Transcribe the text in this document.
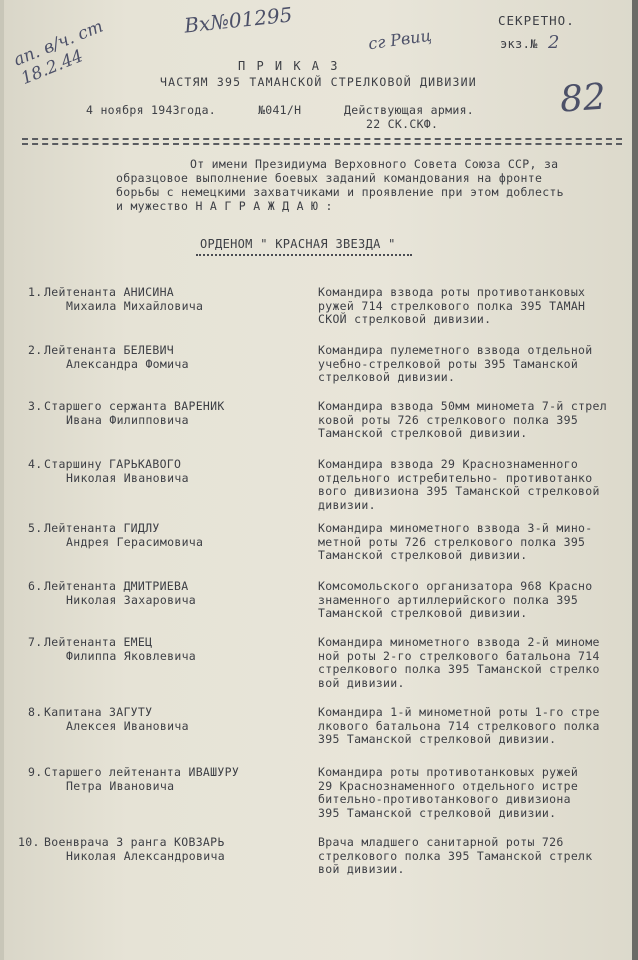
ап. в/ч. ст 18.2.44
Вх№01295
сг Рвиц
82
СЕКРЕТНО.
экз.№ 2
П Р И К А З
ЧАСТЯМ 395 ТАМАНСКОЙ СТРЕЛКОВОЙ ДИВИЗИИ
4 ноября 1943года.	№041/Н	Действующая армия.
22 СК.СКФ.
От имени Президиума Верховного Совета Союза ССР, за
образцовое выполнение боевых заданий командования на фронте
борьбы с немецкими захватчиками и проявление при этом доблесть
и мужество Н А Г Р А Ж Д А Ю :
ОРДЕНОМ " КРАСНАЯ ЗВЕЗДА "
1. Лейтенанта АНИСИНА
Михаила Михайловича
Командира взвода роты противотанковых
ружей 714 стрелкового полка 395 ТАМАН
СКОЙ стрелковой дивизии.
2. Лейтенанта БЕЛЕВИЧ
Александра Фомича
Командира пулеметного взвода отдельной
учебно-стрелковой роты 395 Таманской
стрелковой дивизии.
3. Старшего сержанта ВАРЕНИК
Ивана Филипповича
Командира взвода 50мм миномета 7-й стрел
ковой роты 726 стрелкового полка 395
Таманской стрелковой дивизии.
4. Старшину ГАРЬКАВОГО
Николая Ивановича
Командира взвода 29 Краснознаменного
отдельного истребительно- противотанко
вого дивизиона 395 Таманской стрелковой
дивизии.
5. Лейтенанта ГИДЛУ
Андрея Герасимовича
Командира минометного взвода 3-й мино-
метной роты 726 стрелкового полка 395
Таманской стрелковой дивизии.
6. Лейтенанта ДМИТРИЕВА
Николая Захаровича
Комсомольского организатора 968 Красно
знаменного артиллерийского полка 395
Таманской стрелковой дивизии.
7. Лейтенанта ЕМЕЦ
Филиппа Яковлевича
Командира минометного взвода 2-й миноме
ной роты 2-го стрелкового батальона 714
стрелкового полка 395 Таманской стрелко
вой дивизии.
8. Капитана ЗАГУТУ
Алексея Ивановича
Командира 1-й минометной роты 1-го стре
лкового батальона 714 стрелкового полка
395 Таманской стрелковой дивизии.
9. Старшего лейтенанта ИВАШУРУ
Петра Ивановича
Командира роты противотанковых ружей
29 Краснознаменного отдельного истре
бительно-противотанкового дивизиона
395 Таманской стрелковой дивизии.
10. Военврача 3 ранга КОВЗАРЬ
Николая Александровича
Врача младшего санитарной роты 726
стрелкового полка 395 Таманской стрелк
вой дивизии.
